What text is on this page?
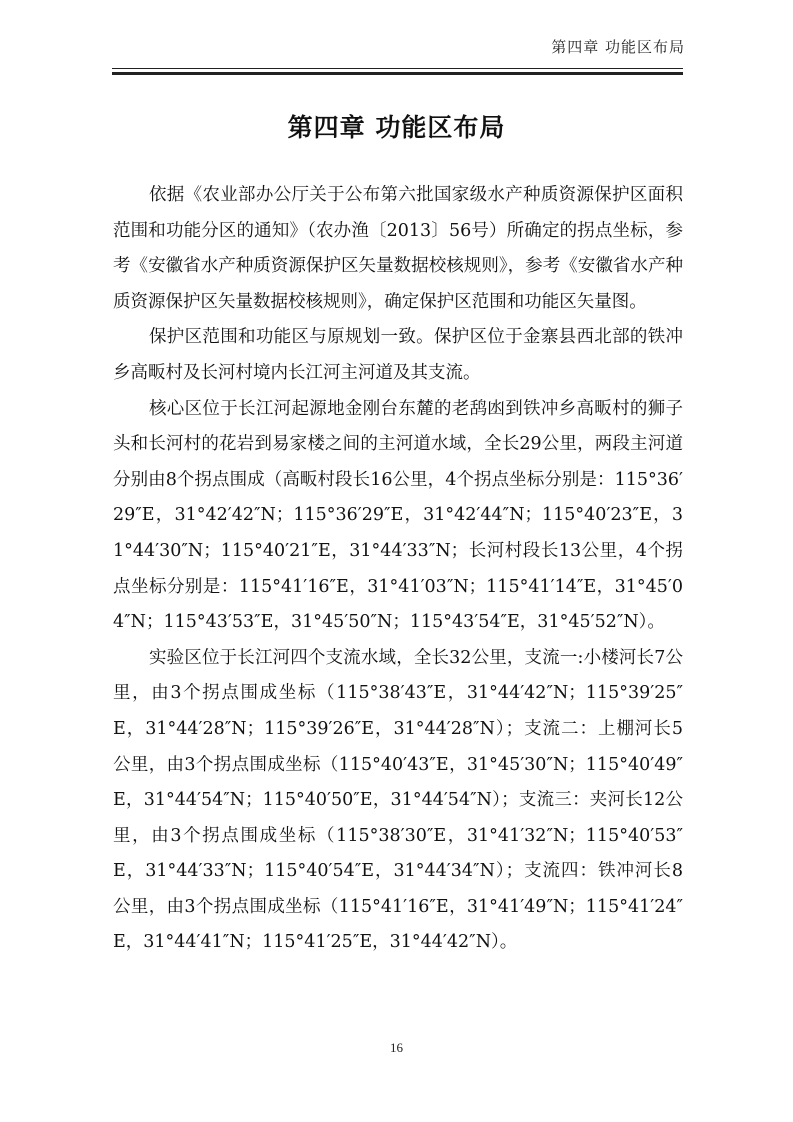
第四章 功能区布局
第四章 功能区布局

依据《农业部办公厅关于公布第六批国家级水产种质资源保护区面积范围和功能分区的通知》（农办渔〔2013〕56号）所确定的拐点坐标，参考《安徽省水产种质资源保护区矢量数据校核规则》，参考《安徽省水产种质资源保护区矢量数据校核规则》，确定保护区范围和功能区矢量图。

保护区范围和功能区与原规划一致。保护区位于金寨县西北部的铁冲乡高畈村及长河村境内长江河主河道及其支流。

核心区位于长江河起源地金刚台东麓的老鸹凼到铁冲乡高畈村的狮子头和长河村的花岩到易家楼之间的主河道水域，全长29公里，两段主河道分别由8个拐点围成（高畈村段长16公里，4个拐点坐标分别是：115°36′29″E，31°42′42″N；115°36′29″E，31°42′44″N；115°40′23″E，31°44′30″N；115°40′21″E，31°44′33″N；长河村段长13公里，4个拐点坐标分别是：115°41′16″E，31°41′03″N；115°41′14″E，31°45′04″N；115°43′53″E，31°45′50″N；115°43′54″E，31°45′52″N）。

实验区位于长江河四个支流水域，全长32公里，支流一:小楼河长7公里，由3个拐点围成坐标（115°38′43″E，31°44′42″N；115°39′25″E，31°44′28″N；115°39′26″E，31°44′28″N）；支流二：上棚河长5公里，由3个拐点围成坐标（115°40′43″E，31°45′30″N；115°40′49″E，31°44′54″N；115°40′50″E，31°44′54″N）；支流三：夹河长12公里，由3个拐点围成坐标（115°38′30″E，31°41′32″N；115°40′53″E，31°44′33″N；115°40′54″E，31°44′34″N）；支流四：铁冲河长8公里，由3个拐点围成坐标（115°41′16″E，31°41′49″N；115°41′24″E，31°44′41″N；115°41′25″E，31°44′42″N）。

16
